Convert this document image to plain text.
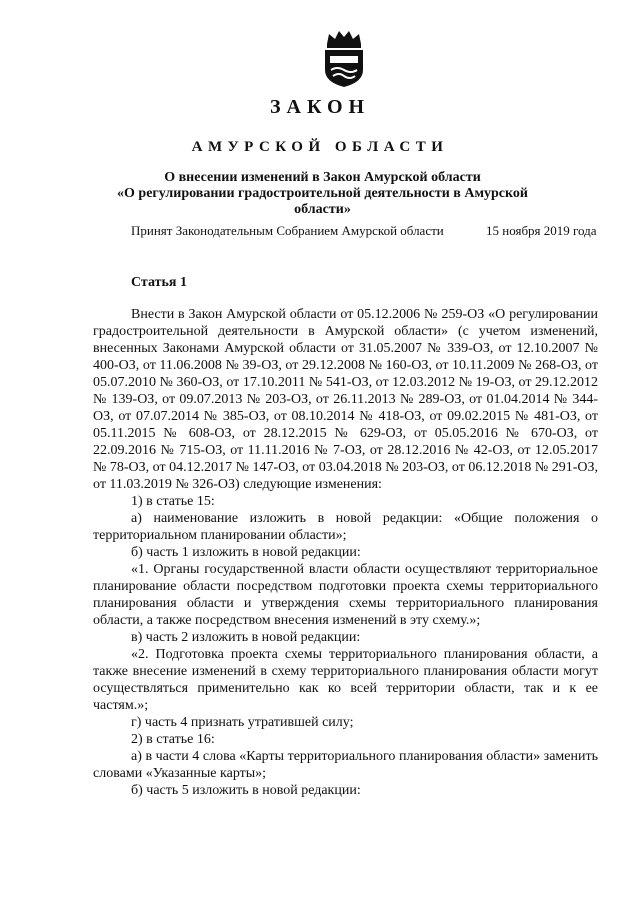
ЗАКОН
АМУРСКОЙ ОБЛАСТИ
О внесении изменений в Закон Амурской области
«О регулировании градостроительной деятельности в Амурской
области»
Принят Законодательным Собранием Амурской области	15 ноября 2019 года
Статья 1

Внести в Закон Амурской области от 05.12.2006 № 259-ОЗ «О регулировании градостроительной деятельности в Амурской области» (с учетом изменений, внесенных Законами Амурской области от 31.05.2007 № 339-ОЗ, от 12.10.2007 № 400-ОЗ, от 11.06.2008 № 39-ОЗ, от 29.12.2008 № 160-ОЗ, от 10.11.2009 № 268-ОЗ, от 05.07.2010 № 360-ОЗ, от 17.10.2011 № 541-ОЗ, от 12.03.2012 № 19-ОЗ, от 29.12.2012 № 139-ОЗ, от 09.07.2013 № 203-ОЗ, от 26.11.2013 № 289-ОЗ, от 01.04.2014 № 344-ОЗ, от 07.07.2014 № 385-ОЗ, от 08.10.2014 № 418-ОЗ, от 09.02.2015 № 481-ОЗ, от 05.11.2015 № 608-ОЗ, от 28.12.2015 № 629-ОЗ, от 05.05.2016 № 670-ОЗ, от 22.09.2016 № 715-ОЗ, от 11.11.2016 № 7-ОЗ, от 28.12.2016 № 42-ОЗ, от 12.05.2017 № 78-ОЗ, от 04.12.2017 № 147-ОЗ, от 03.04.2018 № 203-ОЗ, от 06.12.2018 № 291-ОЗ, от 11.03.2019 № 326-ОЗ) следующие изменения:

1) в статье 15:

а) наименование изложить в новой редакции: «Общие положения о территориальном планировании области»;

б) часть 1 изложить в новой редакции:

«1. Органы государственной власти области осуществляют территориальное планирование области посредством подготовки проекта схемы территориального планирования области и утверждения схемы территориального планирования области, а также посредством внесения изменений в эту схему.»;

в) часть 2 изложить в новой редакции:

«2. Подготовка проекта схемы территориального планирования области, а также внесение изменений в схему территориального планирования области могут осуществляться применительно как ко всей территории области, так и к ее частям.»;

г) часть 4 признать утратившей силу;

2) в статье 16:

а) в части 4 слова «Карты территориального планирования области» заменить словами «Указанные карты»;

б) часть 5 изложить в новой редакции:
